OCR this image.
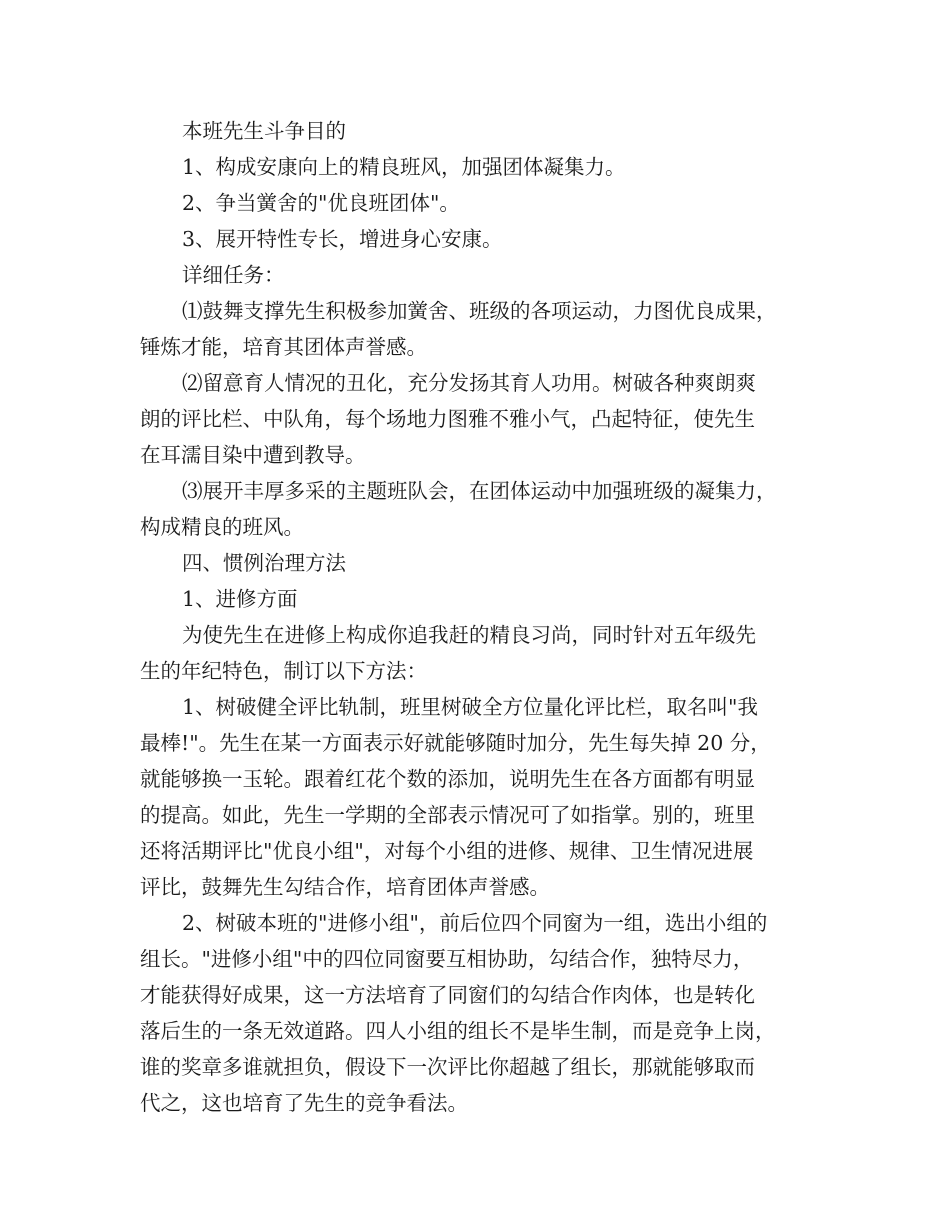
本班先生斗争目的
1、构成安康向上的精良班风，加强团体凝集力。
2、争当黉舍的"优良班团体"。
3、展开特性专长，增进身心安康。
详细任务：
⑴鼓舞支撑先生积极参加黉舍、班级的各项运动，力图优良成果，
锤炼才能，培育其团体声誉感。
⑵留意育人情况的丑化，充分发扬其育人功用。树破各种爽朗爽
朗的评比栏、中队角，每个场地力图雅不雅小气，凸起特征，使先生
在耳濡目染中遭到教导。
⑶展开丰厚多采的主题班队会，在团体运动中加强班级的凝集力，
构成精良的班风。
四、惯例治理方法
1、进修方面
为使先生在进修上构成你追我赶的精良习尚，同时针对五年级先
生的年纪特色，制订以下方法：
1、树破健全评比轨制，班里树破全方位量化评比栏，取名叫"我
最棒!"。先生在某一方面表示好就能够随时加分，先生每失掉 20 分，
就能够换一玉轮。跟着红花个数的添加，说明先生在各方面都有明显
的提高。如此，先生一学期的全部表示情况可了如指掌。别的，班里
还将活期评比"优良小组"，对每个小组的进修、规律、卫生情况进展
评比，鼓舞先生勾结合作，培育团体声誉感。
2、树破本班的"进修小组"，前后位四个同窗为一组，选出小组的
组长。"进修小组"中的四位同窗要互相协助，勾结合作，独特尽力，
才能获得好成果，这一方法培育了同窗们的勾结合作肉体，也是转化
落后生的一条无效道路。四人小组的组长不是毕生制，而是竞争上岗，
谁的奖章多谁就担负，假设下一次评比你超越了组长，那就能够取而
代之，这也培育了先生的竞争看法。
